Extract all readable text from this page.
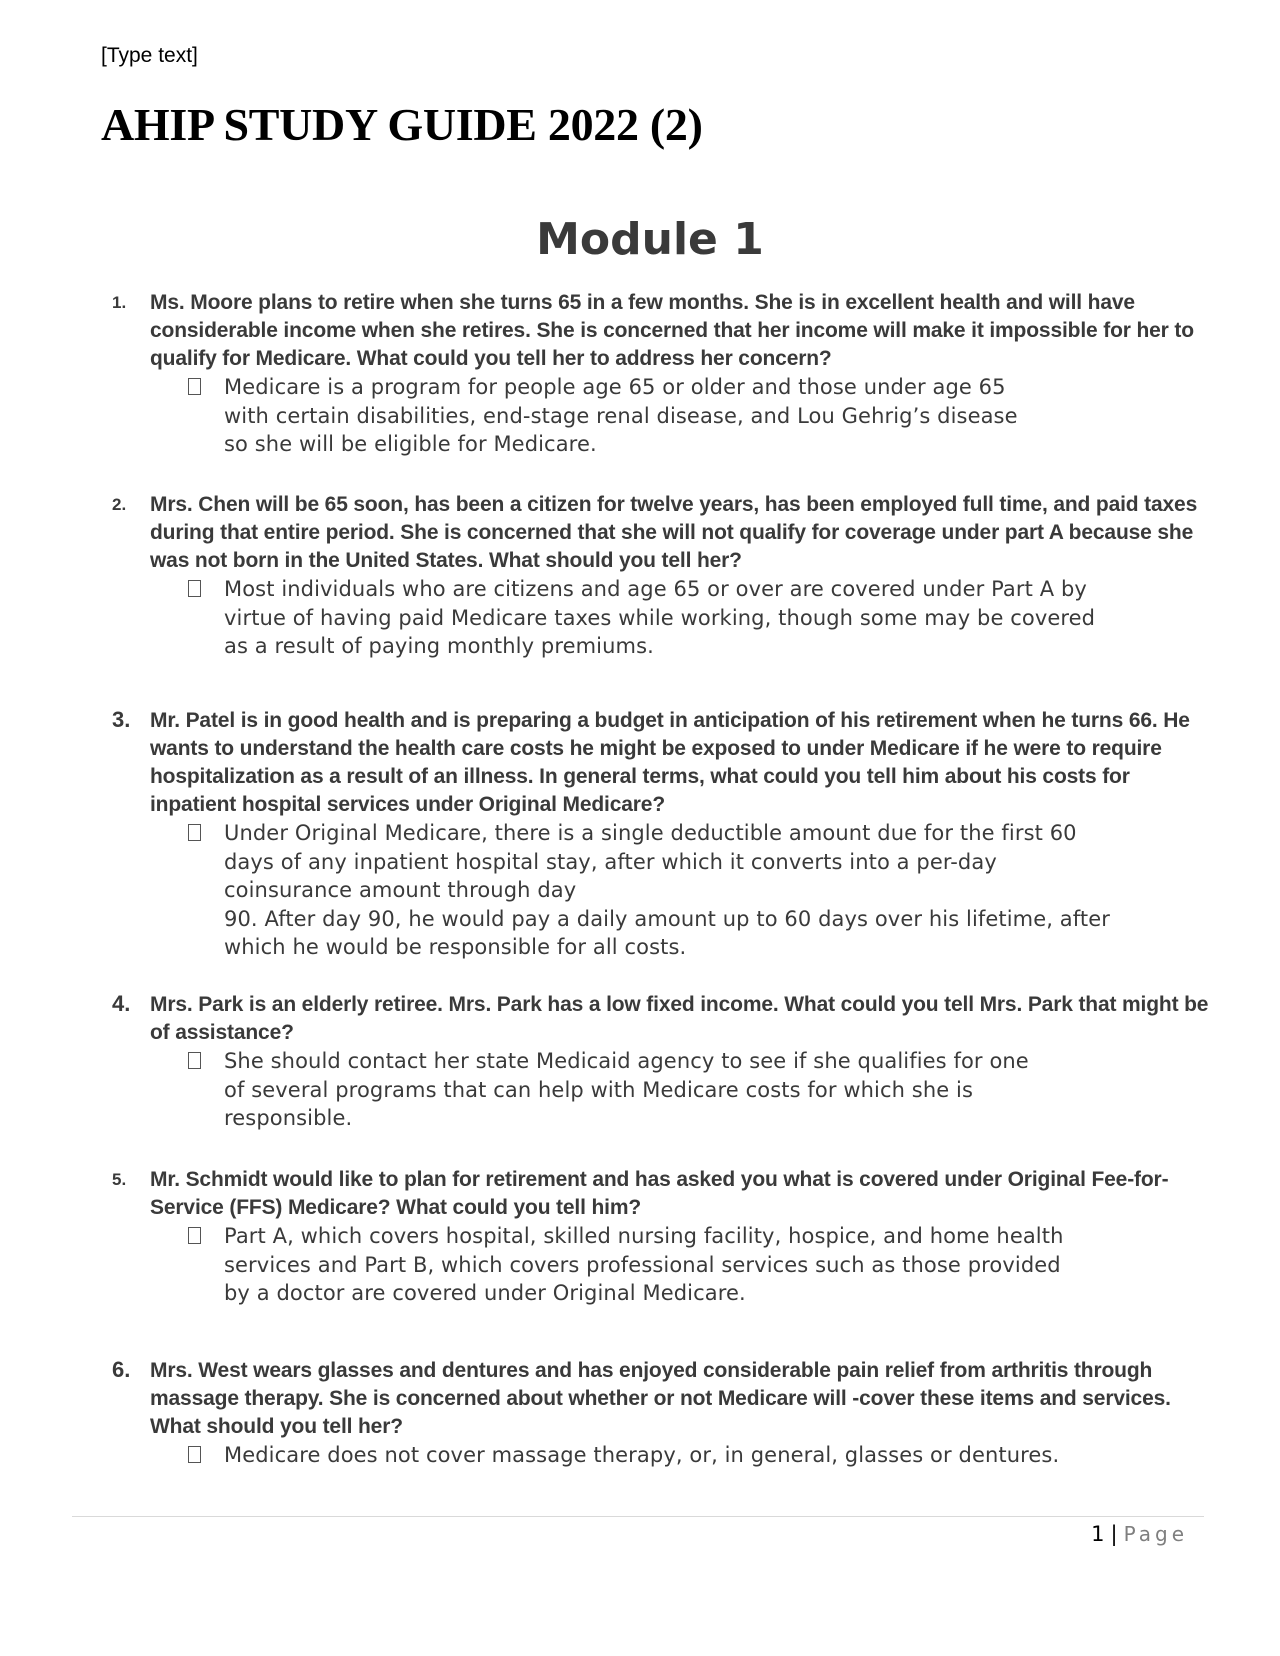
[Type text]
AHIP STUDY GUIDE 2022 (2)
Module 1
1.	Ms. Moore plans to retire when she turns 65 in a few months. She is in excellent health and will have considerable income when she retires. She is concerned that her income will make it impossible for her to qualify for Medicare. What could you tell her to address her concern?
Medicare is a program for people age 65 or older and those under age 65
with certain disabilities, end-stage renal disease, and Lou Gehrig’s disease
so she will be eligible for Medicare.
2.	Mrs. Chen will be 65 soon, has been a citizen for twelve years, has been employed full time, and paid taxes during that entire period. She is concerned that she will not qualify for coverage under part A because she was not born in the United States. What should you tell her?
Most individuals who are citizens and age 65 or over are covered under Part A by
virtue of having paid Medicare taxes while working, though some may be covered
as a result of paying monthly premiums.
3. Mr. Patel is in good health and is preparing a budget in anticipation of his retirement when he turns 66. He wants to understand the health care costs he might be exposed to under Medicare if he were to require hospitalization as a result of an illness. In general terms, what could you tell him about his costs for inpatient hospital services under Original Medicare?
Under Original Medicare, there is a single deductible amount due for the first 60
days of any inpatient hospital stay, after which it converts into a per-day
coinsurance amount through day
90. After day 90, he would pay a daily amount up to 60 days over his lifetime, after
which he would be responsible for all costs.
4. Mrs. Park is an elderly retiree. Mrs. Park has a low fixed income. What could you tell Mrs. Park that might be of assistance?
She should contact her state Medicaid agency to see if she qualifies for one
of several programs that can help with Medicare costs for which she is
responsible.
5.	Mr. Schmidt would like to plan for retirement and has asked you what is covered under Original Fee-for-Service (FFS) Medicare? What could you tell him?
Part A, which covers hospital, skilled nursing facility, hospice, and home health
services and Part B, which covers professional services such as those provided
by a doctor are covered under Original Medicare.
6. Mrs. West wears glasses and dentures and has enjoyed considerable pain relief from arthritis through massage therapy. She is concerned about whether or not Medicare will -cover these items and services. What should you tell her?
Medicare does not cover massage therapy, or, in general, glasses or dentures.
1 | Page
